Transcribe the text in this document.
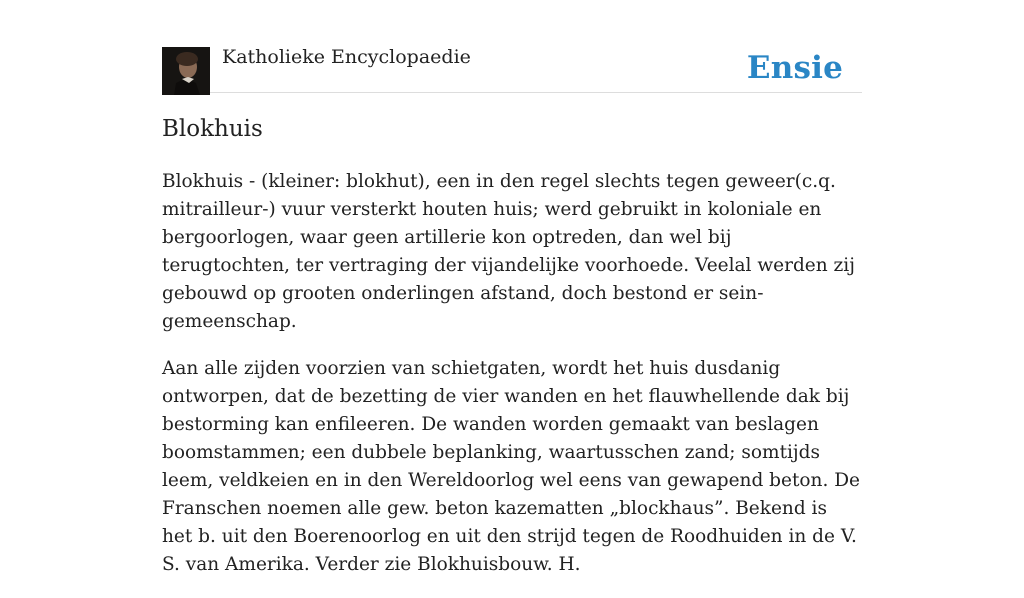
Katholieke Encyclopaedie	Ensie
Blokhuis

Blokhuis - (kleiner: blokhut), een in den regel slechts tegen geweer(c.q. mitrailleur-) vuur versterkt houten huis; werd gebruikt in koloniale en bergoorlogen, waar geen artillerie kon optreden, dan wel bij terugtochten, ter vertraging der vijandelijke voorhoede. Veelal werden zij gebouwd op grooten onderlingen afstand, doch bestond er sein-gemeenschap.

Aan alle zijden voorzien van schietgaten, wordt het huis dusdanig ontworpen, dat de bezetting de vier wanden en het flauwhellende dak bij bestorming kan enfileeren. De wanden worden gemaakt van beslagen boomstammen; een dubbele beplanking, waartusschen zand; somtijds leem, veldkeien en in den Wereldoorlog wel eens van gewapend beton. De Franschen noemen alle gew. beton kazematten „blockhaus”. Bekend is het b. uit den Boerenoorlog en uit den strijd tegen de Roodhuiden in de V. S. van Amerika. Verder zie Blokhuisbouw. H.
